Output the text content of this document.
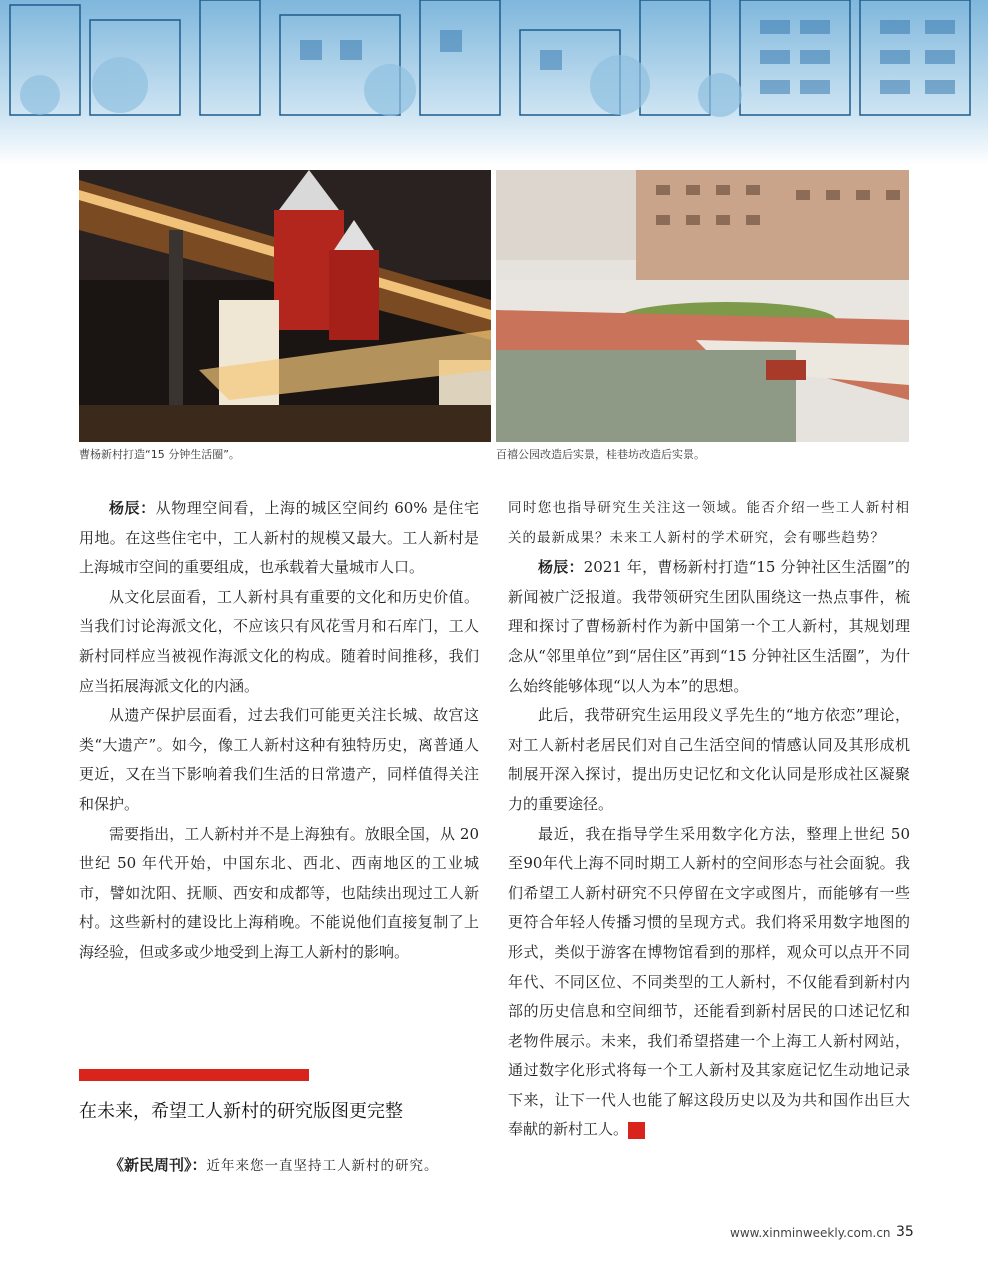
曹杨新村打造“15 分钟生活圈”。	百禧公园改造后实景，桂巷坊改造后实景。

杨辰：从物理空间看，上海的城区空间约 60% 是住宅用地。在这些住宅中，工人新村的规模又最大。工人新村是上海城市空间的重要组成，也承载着大量城市人口。

从文化层面看，工人新村具有重要的文化和历史价值。当我们讨论海派文化，不应该只有风花雪月和石库门，工人新村同样应当被视作海派文化的构成。随着时间推移，我们应当拓展海派文化的内涵。

从遗产保护层面看，过去我们可能更关注长城、故宫这类“大遗产”。如今，像工人新村这种有独特历史，离普通人更近，又在当下影响着我们生活的日常遗产，同样值得关注和保护。

需要指出，工人新村并不是上海独有。放眼全国，从 20 世纪 50 年代开始，中国东北、西北、西南地区的工业城市，譬如沈阳、抚顺、西安和成都等，也陆续出现过工人新村。这些新村的建设比上海稍晚。不能说他们直接复制了上海经验，但或多或少地受到上海工人新村的影响。

在未来，希望工人新村的研究版图更完整
《新民周刊》：近年来您一直坚持工人新村的研究。

同时您也指导研究生关注这一领域。能否介绍一些工人新村相关的最新成果？未来工人新村的学术研究，会有哪些趋势？

杨辰：2021 年，曹杨新村打造“15 分钟社区生活圈”的新闻被广泛报道。我带领研究生团队围绕这一热点事件，梳理和探讨了曹杨新村作为新中国第一个工人新村，其规划理念从“邻里单位”到“居住区”再到“15 分钟社区生活圈”，为什么始终能够体现“以人为本”的思想。

此后，我带研究生运用段义孚先生的“地方依恋”理论，对工人新村老居民们对自己生活空间的情感认同及其形成机制展开深入探讨，提出历史记忆和文化认同是形成社区凝聚力的重要途径。

最近，我在指导学生采用数字化方法，整理上世纪 50 至90年代上海不同时期工人新村的空间形态与社会面貌。我们希望工人新村研究不只停留在文字或图片，而能够有一些更符合年轻人传播习惯的呈现方式。我们将采用数字地图的形式，类似于游客在博物馆看到的那样，观众可以点开不同年代、不同区位、不同类型的工人新村，不仅能看到新村内部的历史信息和空间细节，还能看到新村居民的口述记忆和老物件展示。未来，我们希望搭建一个上海工人新村网站，通过数字化形式将每一个工人新村及其家庭记忆生动地记录下来，让下一代人也能了解这段历史以及为共和国作出巨大奉献的新村工人。	民

www.xinminweekly.com.cn 35
